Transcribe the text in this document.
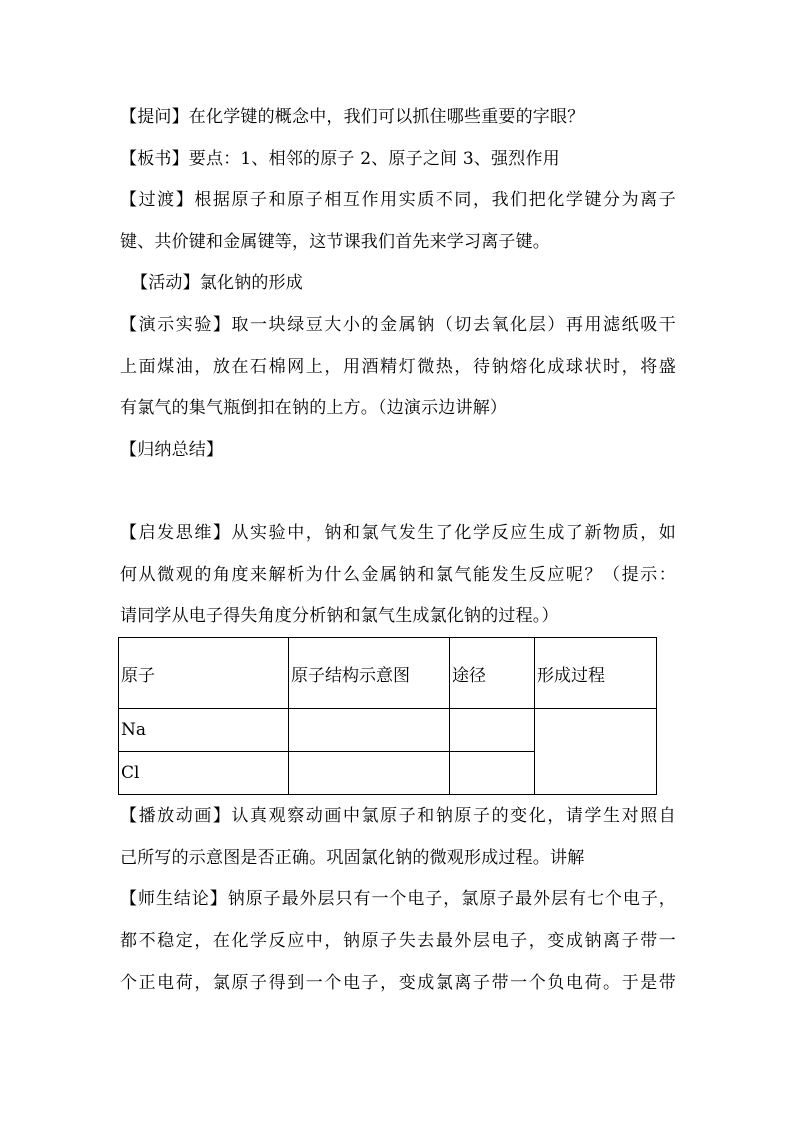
【提问】在化学键的概念中，我们可以抓住哪些重要的字眼？
【板书】要点：1、相邻的原子 2、原子之间 3、强烈作用
【过渡】根据原子和原子相互作用实质不同，我们把化学键分为离子
键、共价键和金属键等，这节课我们首先来学习离子键。
【活动】氯化钠的形成
【演示实验】取一块绿豆大小的金属钠（切去氧化层）再用滤纸吸干
上面煤油，放在石棉网上，用酒精灯微热，待钠熔化成球状时，将盛
有氯气的集气瓶倒扣在钠的上方。（边演示边讲解）
【归纳总结】
【启发思维】从实验中，钠和氯气发生了化学反应生成了新物质，如
何从微观的角度来解析为什么金属钠和氯气能发生反应呢？（提示：
请同学从电子得失角度分析钠和氯气生成氯化钠的过程。）
原子	原子结构示意图	途径	形成过程
Na			
Cl			
【播放动画】认真观察动画中氯原子和钠原子的变化，请学生对照自
己所写的示意图是否正确。巩固氯化钠的微观形成过程。讲解
【师生结论】钠原子最外层只有一个电子，氯原子最外层有七个电子，
都不稳定，在化学反应中，钠原子失去最外层电子，变成钠离子带一
个正电荷，氯原子得到一个电子，变成氯离子带一个负电荷。于是带
